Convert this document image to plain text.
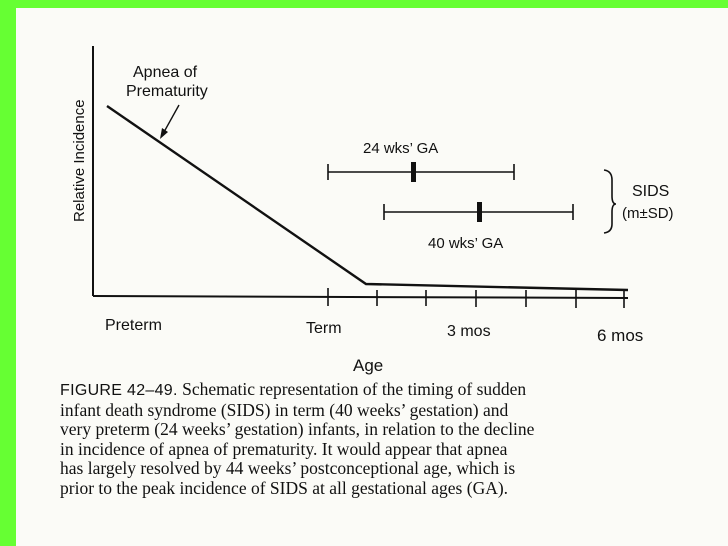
Relative Incidence
Apnea of
Prematurity
24 wks’ GA
40 wks’ GA
SIDS
(m±SD)
Preterm	Term	3 mos	6 mos
Age

FIGURE 42–49. Schematic representation of the timing of sudden
infant death syndrome (SIDS) in term (40 weeks’ gestation) and
very preterm (24 weeks’ gestation) infants, in relation to the decline
in incidence of apnea of prematurity. It would appear that apnea
has largely resolved by 44 weeks’ postconceptional age, which is
prior to the peak incidence of SIDS at all gestational ages (GA).
